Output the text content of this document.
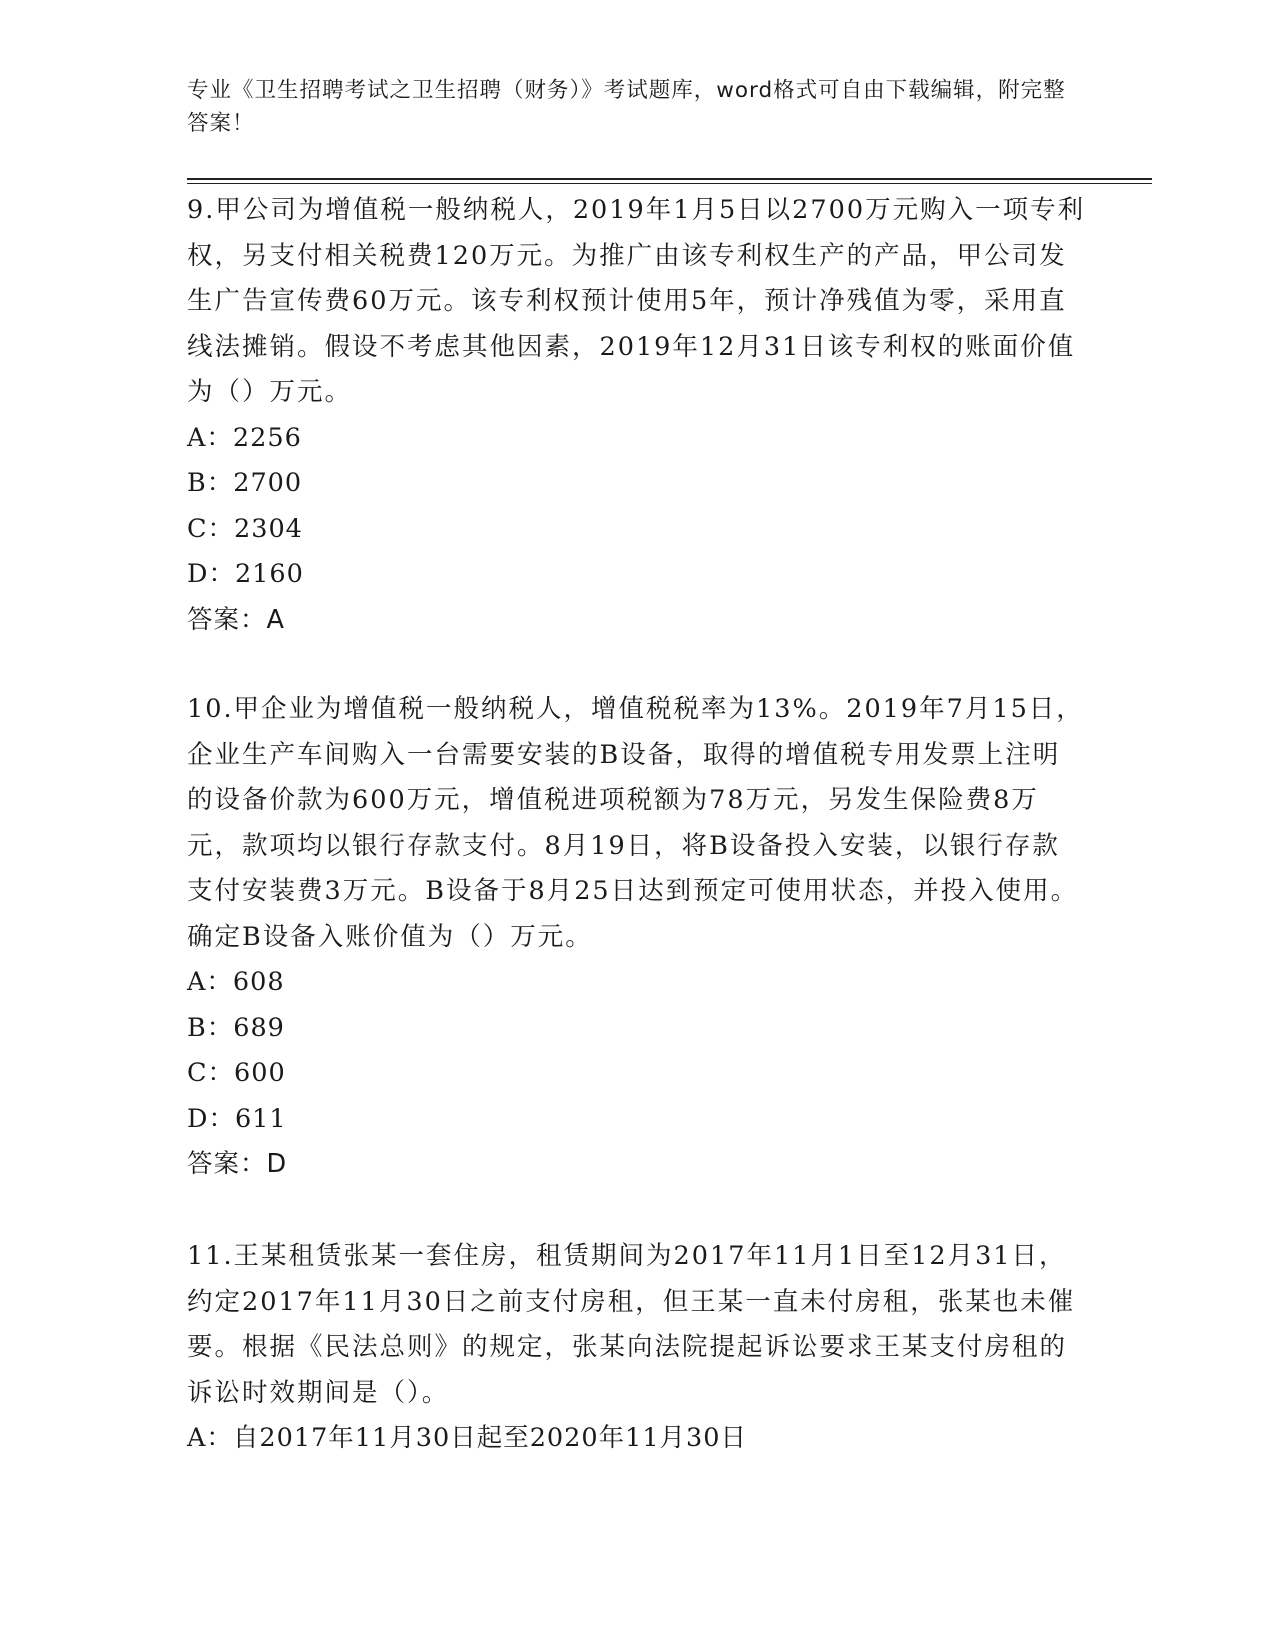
专业《卫生招聘考试之卫生招聘（财务）》考试题库，word格式可自由下载编辑，附完整答案！
9.甲公司为增值税一般纳税人，2019年1月5日以2700万元购入一项专利权，另支付相关税费120万元。为推广由该专利权生产的产品，甲公司发生广告宣传费60万元。该专利权预计使用5年，预计净残值为零，采用直线法摊销。假设不考虑其他因素，2019年12月31日该专利权的账面价值为（）万元。
A：2256
B：2700
C：2304
D：2160
答案：A
10.甲企业为增值税一般纳税人，增值税税率为13%。2019年7月15日，企业生产车间购入一台需要安装的B设备，取得的增值税专用发票上注明的设备价款为600万元，增值税进项税额为78万元，另发生保险费8万元，款项均以银行存款支付。8月19日，将B设备投入安装，以银行存款支付安装费3万元。B设备于8月25日达到预定可使用状态，并投入使用。确定B设备入账价值为（）万元。
A：608
B：689
C：600
D：611
答案：D
11.王某租赁张某一套住房，租赁期间为2017年11月1日至12月31日，约定2017年11月30日之前支付房租，但王某一直未付房租，张某也未催要。根据《民法总则》的规定，张某向法院提起诉讼要求王某支付房租的诉讼时效期间是（）。
A：自2017年11月30日起至2020年11月30日
